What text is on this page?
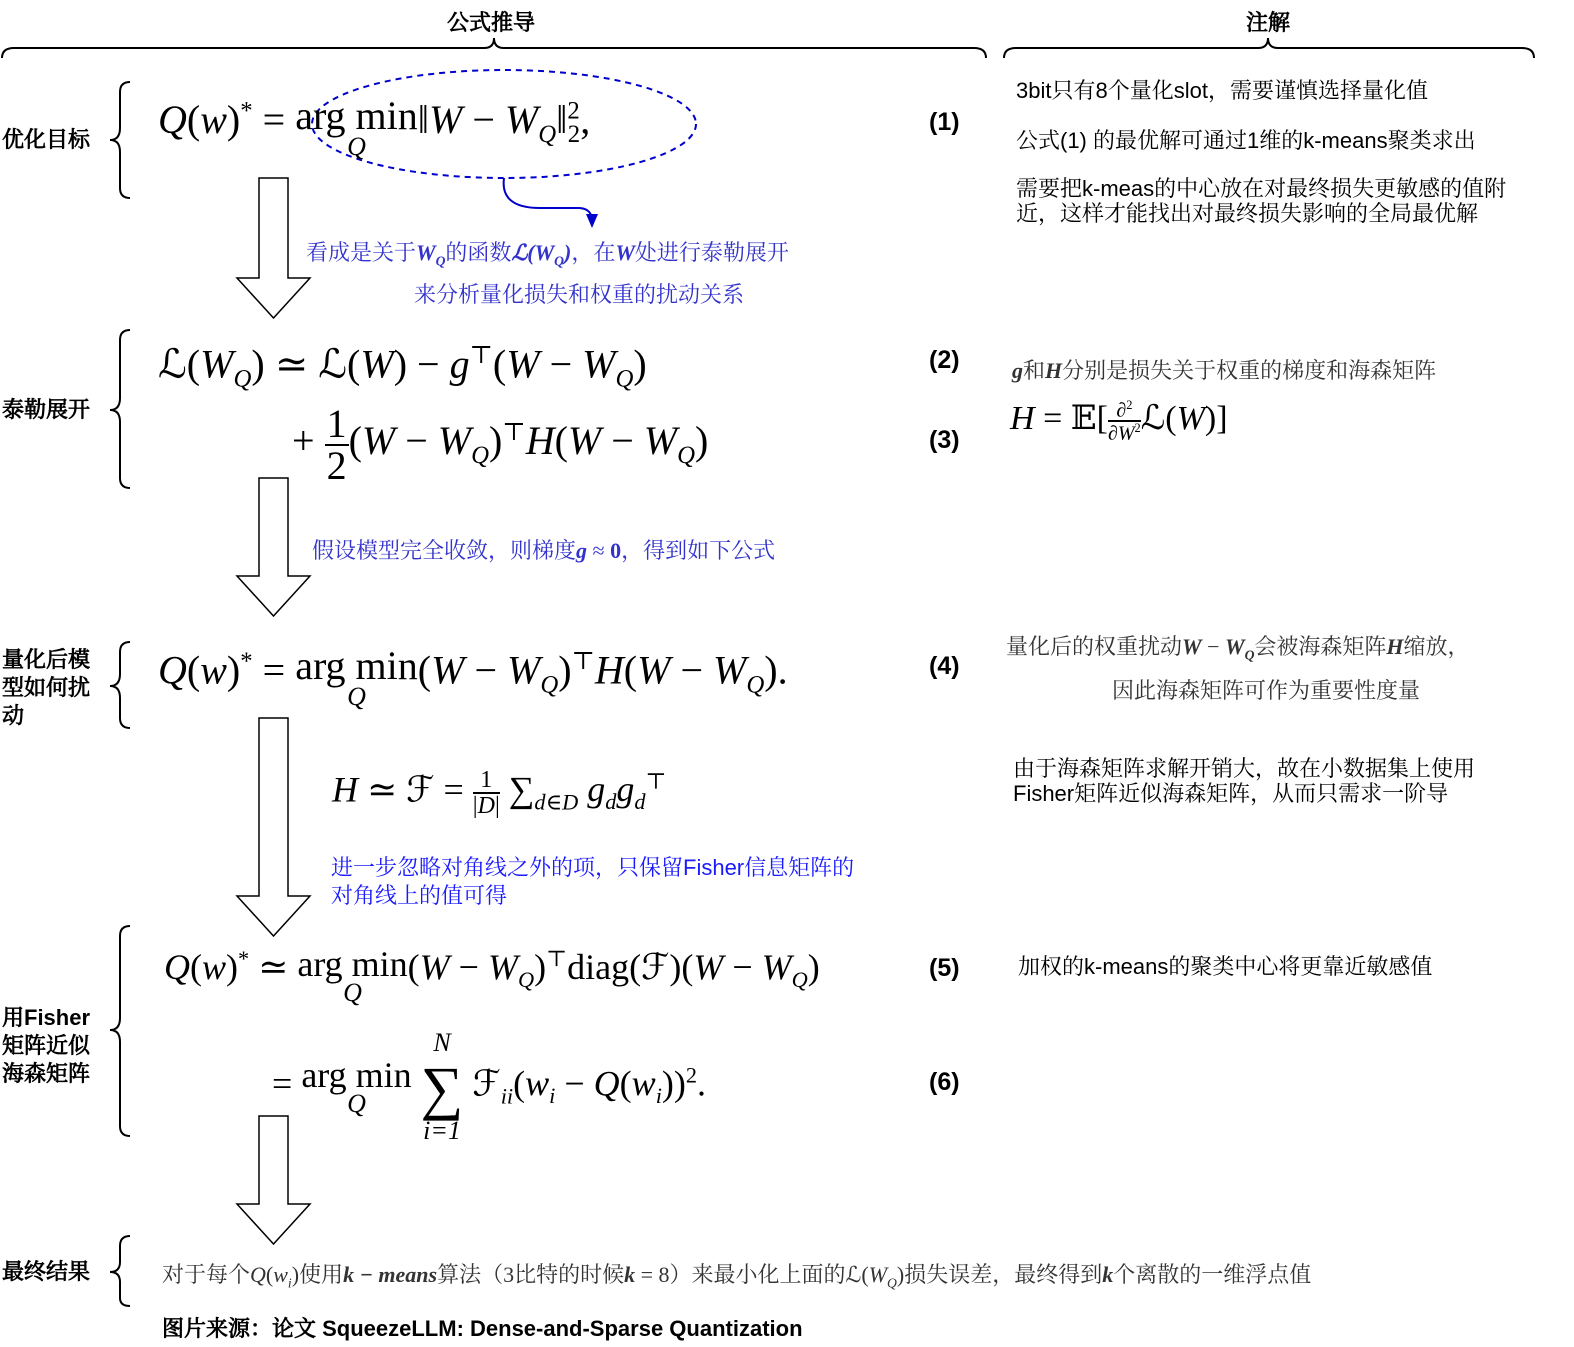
公式推导	注解
优化目标
泰勒展开
量化后模型如何扰动
用Fisher矩阵近似海森矩阵
最终结果
Q(w)* = arg min
Q
‖W − $W_Q‖^2_2$,	(1)
看成是关于$W_Q$的函数$ℒ(W_Q)$，在W处进行泰勒展开
来分析量化损失和权重的扰动关系
$ℒ(W_Q)$ ≃ ℒ(W) − $g^⊤(W - W_Q)$	(2)
+ $\frac{1}{2} (W - W_Q)^⊤H(W - W_Q)$	(3)
假设模型完全收敛，则梯度g ≈ 0，得到如下公式
Q(w)* = arg min
Q
$(W - W_Q)^⊤H(W - W_Q)$.	(4)
H ≃ ℱ = $\frac{1}{|D|} \sum_{d\in D}$ $g_dg_d^⊤$
进一步忽略对角线之外的项，只保留Fisher信息矩阵的对角线上的值可得
Q(w)* ≃ arg min
Q
$(W - W_Q)^⊤diag(ℱ)(W - W_Q)$	(5)
= arg min
Q

N
∑
i=1
$ℱ_{ii}(w_i - Q(w_i))^2$.	(6)
3bit只有8个量化slot，需要谨慎选择量化值
公式(1) 的最优解可通过1维的k-means聚类求出
需要把k-meas的中心放在对最终损失更敏感的值附近，这样才能找出对最终损失影响的全局最优解
g和H分别是损失关于权重的梯度和海森矩阵
H = 𝔼[ $\frac{\partial^2}{\partial W^2}$ ℒ(W)]
量化后的权重扰动$W - W_Q$会被海森矩阵H缩放，
因此海森矩阵可作为重要性度量
由于海森矩阵求解开销大，故在小数据集上使用Fisher矩阵近似海森矩阵，从而只需求一阶导
加权的k-means的聚类中心将更靠近敏感值
对于每个$Q(w_i)$使用k − means算法（3比特的时候k = 8）来最小化上面的$ℒ(W_Q)$损失误差，最终得到k个离散的一维浮点值
图片来源：论文 SqueezeLLM: Dense-and-Sparse Quantization
